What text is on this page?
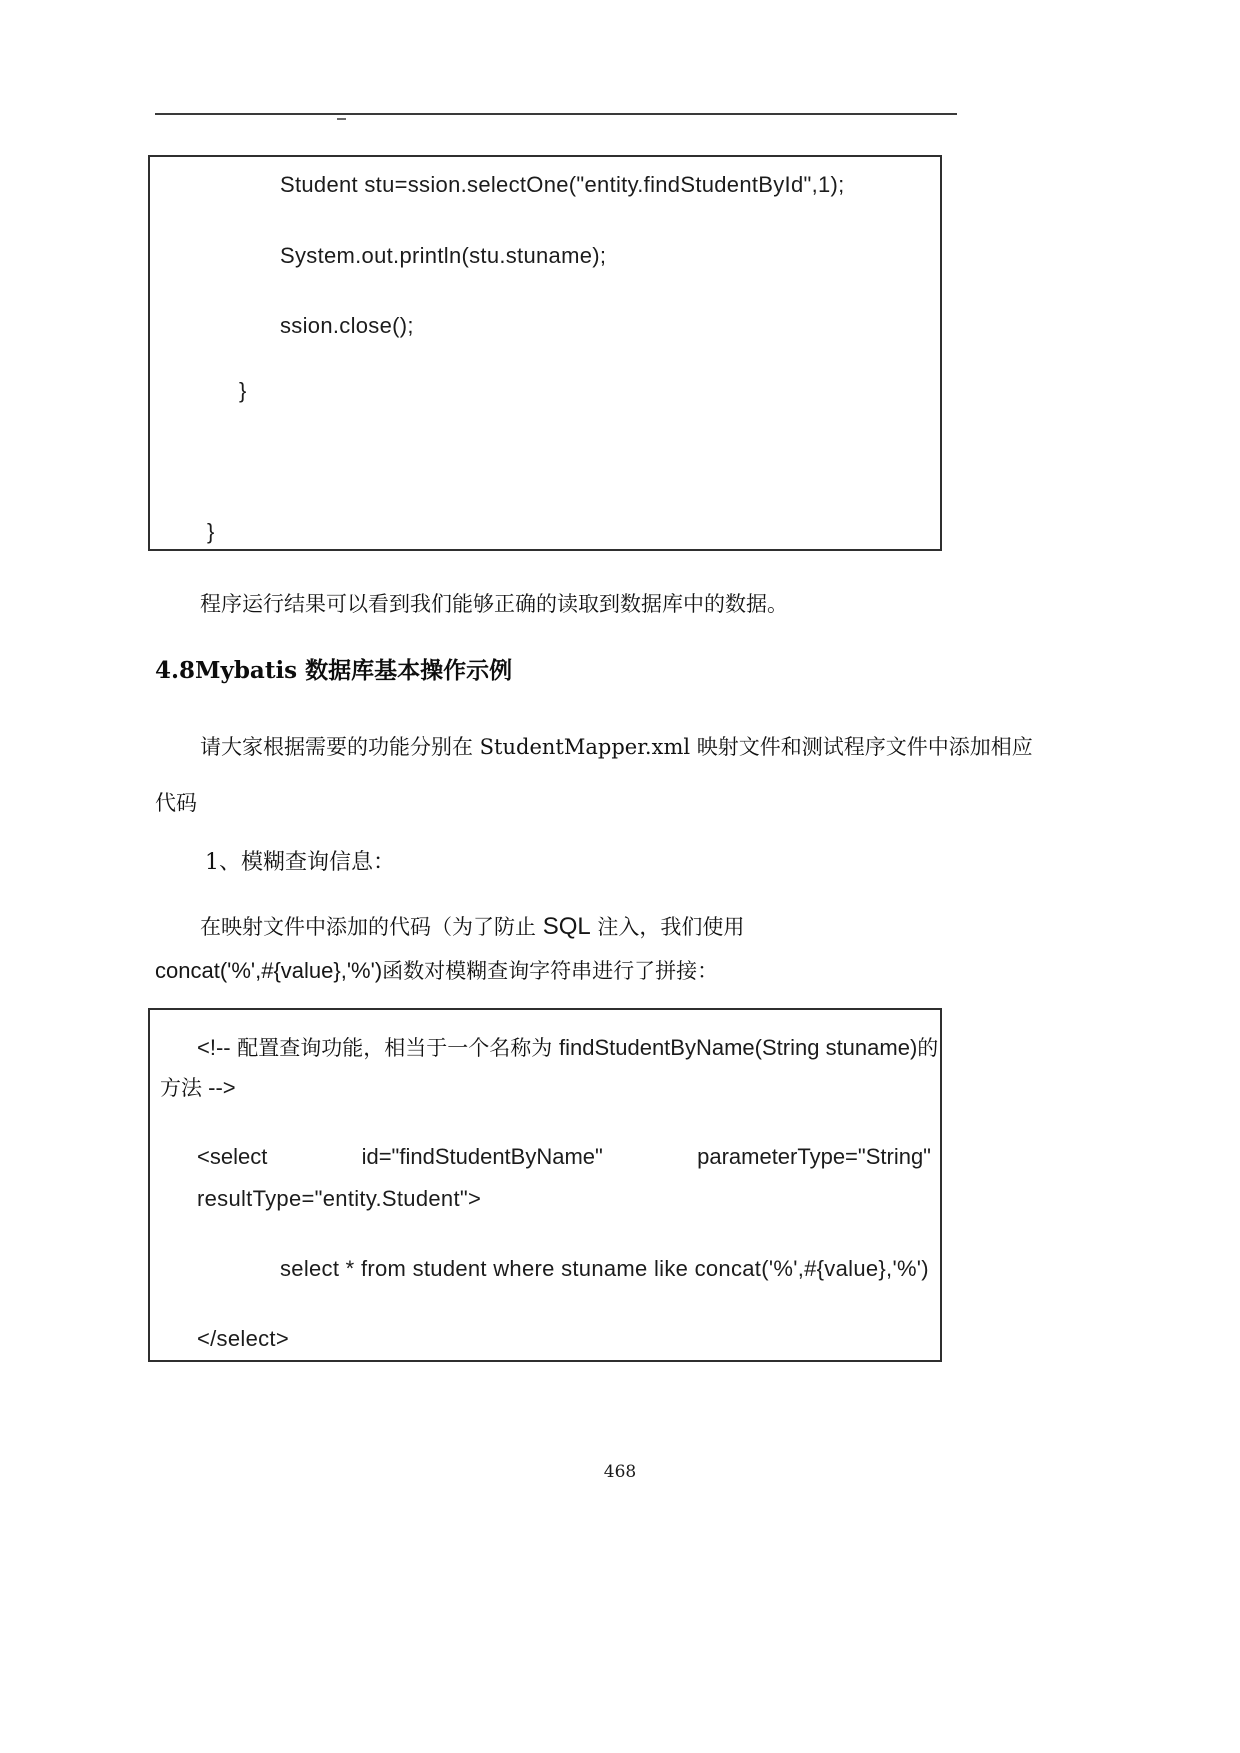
Student stu=ssion.selectOne("entity.findStudentById",1);
System.out.println(stu.stuname);
ssion.close();
}
}
程序运行结果可以看到我们能够正确的读取到数据库中的数据。
4.8Mybatis 数据库基本操作示例
请大家根据需要的功能分别在 StudentMapper.xml 映射文件和测试程序文件中添加相应
代码
1、模糊查询信息：
在映射文件中添加的代码（为了防止 SQL 注入，我们使用
concat('%',#{value},'%')函数对模糊查询字符串进行了拼接：
<!-- 配置查询功能，相当于一个名称为 findStudentByName(String stuname)的
方法 -->
<select	id="findStudentByName"	parameterType="String"
resultType="entity.Student">
select * from student where stuname like concat('%',#{value},'%')
</select>
468
